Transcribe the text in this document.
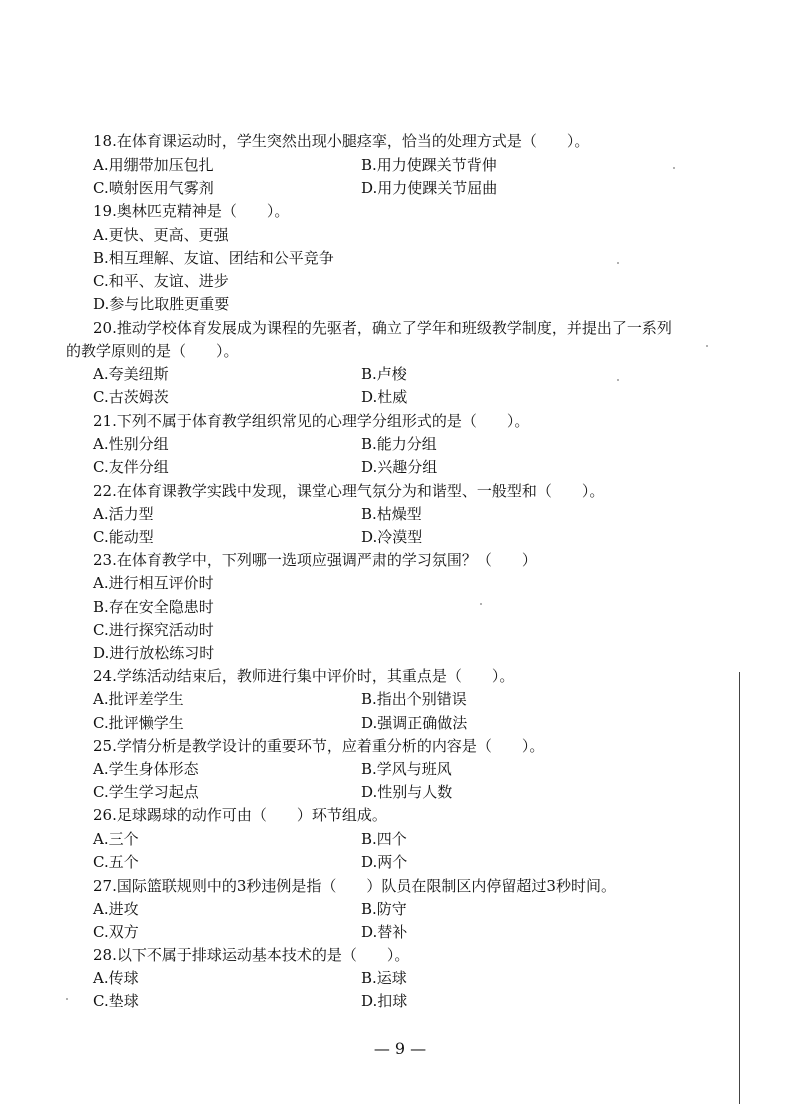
18.在体育课运动时，学生突然出现小腿痉挛，恰当的处理方式是（　　）。
A.用绷带加压包扎	B.用力使踝关节背伸
C.喷射医用气雾剂	D.用力使踝关节屈曲
19.奥林匹克精神是（　　）。
A.更快、更高、更强
B.相互理解、友谊、团结和公平竞争
C.和平、友谊、进步
D.参与比取胜更重要
20.推动学校体育发展成为课程的先驱者，确立了学年和班级教学制度，并提出了一系列
的教学原则的是（　　）。
A.夸美纽斯	B.卢梭
C.古茨姆茨	D.杜威
21.下列不属于体育教学组织常见的心理学分组形式的是（　　）。
A.性别分组	B.能力分组
C.友伴分组	D.兴趣分组
22.在体育课教学实践中发现，课堂心理气氛分为和谐型、一般型和（　　）。
A.活力型	B.枯燥型
C.能动型	D.冷漠型
23.在体育教学中，下列哪一选项应强调严肃的学习氛围？（　　）
A.进行相互评价时
B.存在安全隐患时
C.进行探究活动时
D.进行放松练习时
24.学练活动结束后，教师进行集中评价时，其重点是（　　）。
A.批评差学生	B.指出个别错误
C.批评懒学生	D.强调正确做法
25.学情分析是教学设计的重要环节，应着重分析的内容是（　　）。
A.学生身体形态	B.学风与班风
C.学生学习起点	D.性别与人数
26.足球踢球的动作可由（　　）环节组成。
A.三个	B.四个
C.五个	D.两个
27.国际篮联规则中的3秒违例是指（　　）队员在限制区内停留超过3秒时间。
A.进攻	B.防守
C.双方	D.替补
28.以下不属于排球运动基本技术的是（　　）。
A.传球	B.运球
C.垫球	D.扣球
— 9 —
